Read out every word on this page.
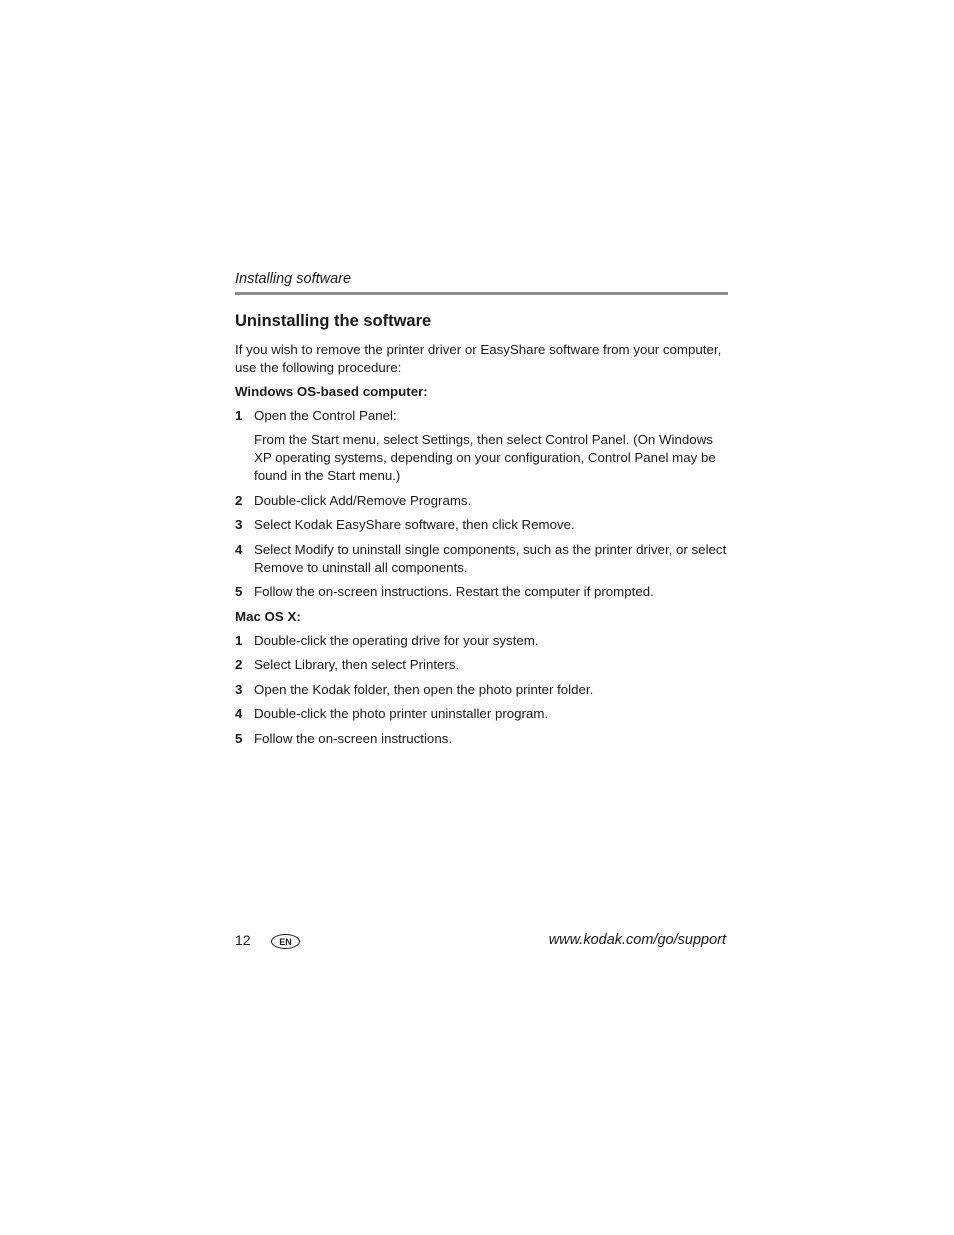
Installing software
Uninstalling the software

If you wish to remove the printer driver or EasyShare software from your computer, use the following procedure:

Windows OS-based computer:
1 Open the Control Panel:
From the Start menu, select Settings, then select Control Panel. (On Windows XP operating systems, depending on your configuration, Control Panel may be found in the Start menu.)
2 Double-click Add/Remove Programs.
3 Select Kodak EasyShare software, then click Remove.
4 Select Modify to uninstall single components, such as the printer driver, or select Remove to uninstall all components.
5 Follow the on-screen instructions. Restart the computer if prompted.
Mac OS X:
1 Double-click the operating drive for your system.
2 Select Library, then select Printers.
3 Open the Kodak folder, then open the photo printer folder.
4 Double-click the photo printer uninstaller program.
5 Follow the on-screen instructions.
12	EN	www.kodak.com/go/support
